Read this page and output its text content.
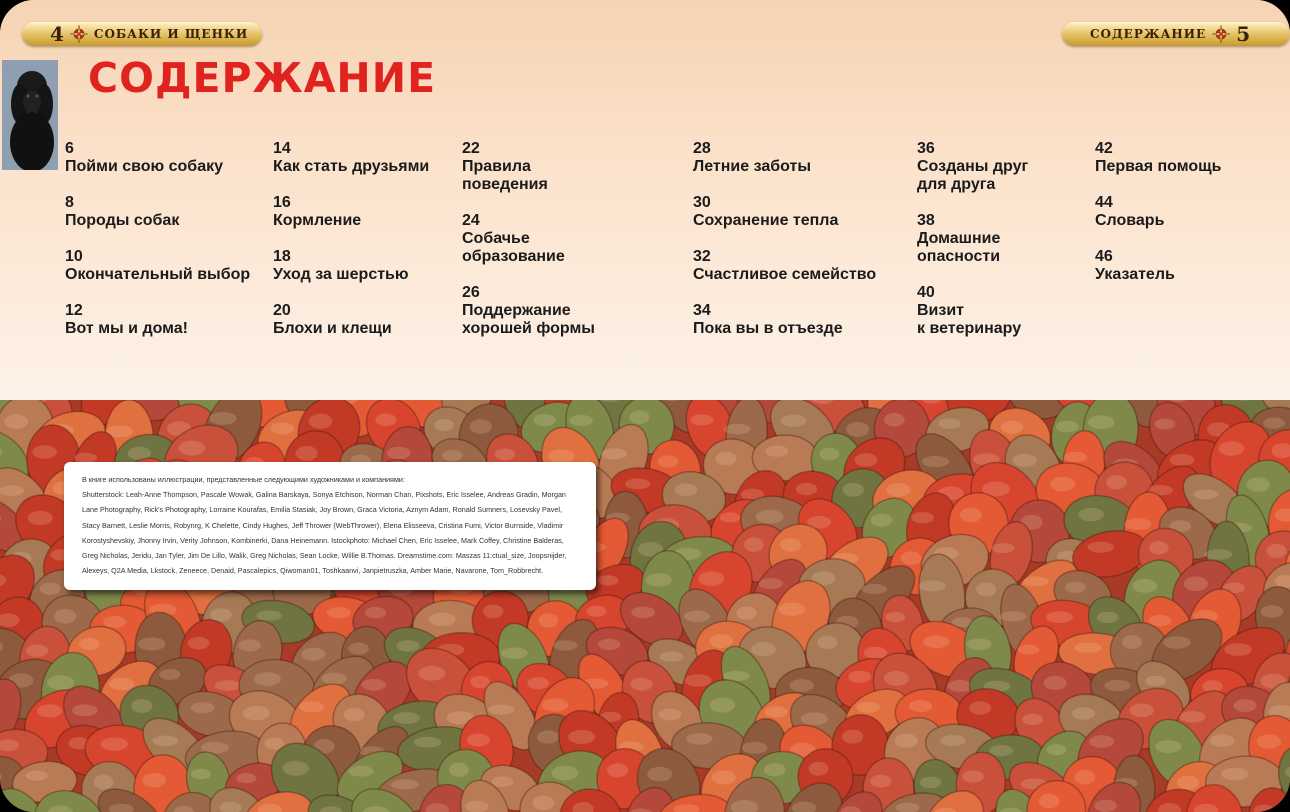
4	СОБАКИ И ЩЕНКИ	СОДЕРЖАНИЕ 5
СОДЕРЖАНИЕ
6
Пойми свою собаку
8
Породы собак
10
Окончательный выбор
12
Вот мы и дома!
14
Как стать друзьями
16
Кормление
18
Уход за шерстью
20
Блохи и клещи
22
Правила
поведения
24
Собачье
образование
26
Поддержание
хорошей формы
28
Летние заботы
30
Сохранение тепла
32
Счастливое семейство
34
Пока вы в отъезде
36
Созданы друг
для друга
38
Домашние
опасности
40
Визит
к ветеринару
42
Первая помощь
44
Словарь
46
Указатель

В книге использованы иллюстрации, представленные следующими художниками и компаниями:

Shutterstock: Leah-Anne Thompson, Pascale Wowak, Galina Barskaya, Sonya Etchison, Norman Chan, Pixshots, Eric Isselee, Andreas Gradin, Morgan

Lane Photography, Rick's Photography, Lorraine Kourafas, Emilia Stasiak, Joy Brown, Graca Victoria, Aznym Adam, Ronald Sumners, Losevsky Pavel,

Stacy Barnett, Leslie Morris, Robynrg, K Chelette, Cindy Hughes, Jeff Thrower (WebThrower), Elena Elisseeva, Cristina Fumi, Victor Burnside, Vladimir

Korostyshevskiy, Jhonny Irvin, Verity Johnson, Kombinerki, Dana Heinemann. Istockphoto: Michael Chen, Eric Isselee, Mark Coffey, Christine Balderas,

Greg Nicholas, Jeridu, Jan Tyler, Jim De Lillo, Walik, Greg Nicholas, Sean Locke, Willie B.Thomas. Dreamstime.com: Maszas 11:ctual_size, Joopsnijder,

Alexeys, Q2A Media, Lkstock, Zeneece, Denaid, Pascalepics, Qiwoman01, Toshkaanvi, Janpietruszka, Amber Marie, Navarone, Tom_Robbrecht.
